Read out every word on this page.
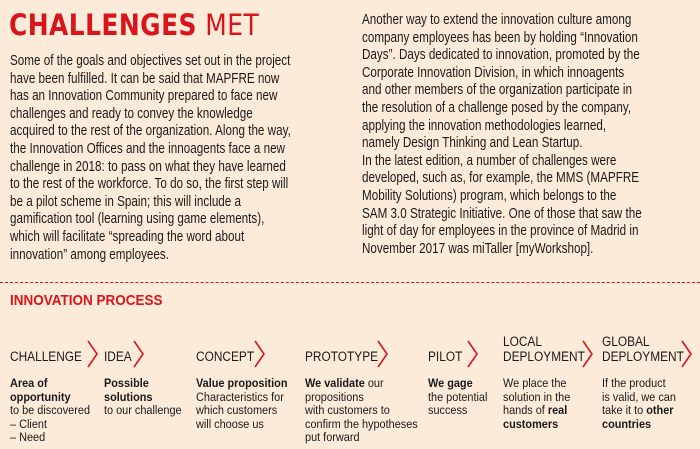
CHALLENGES MET
Some of the goals and objectives set out in the project
have been fulfilled. It can be said that MAPFRE now
has an Innovation Community prepared to face new
challenges and ready to convey the knowledge
acquired to the rest of the organization. Along the way,
the Innovation Offices and the innoagents face a new
challenge in 2018: to pass on what they have learned
to the rest of the workforce. To do so, the first step will
be a pilot scheme in Spain; this will include a
gamification tool (learning using game elements),
which will facilitate “spreading the word about
innovation” among employees.
Another way to extend the innovation culture among
company employees has been by holding “Innovation
Days”. Days dedicated to innovation, promoted by the
Corporate Innovation Division, in which innoagents
and other members of the organization participate in
the resolution of a challenge posed by the company,
applying the innovation methodologies learned,
namely Design Thinking and Lean Startup.
In the latest edition, a number of challenges were
developed, such as, for example, the MMS (MAPFRE
Mobility Solutions) program, which belongs to the
SAM 3.0 Strategic Initiative. One of those that saw the
light of day for employees in the province of Madrid in
November 2017 was miTaller [myWorkshop].
INNOVATION PROCESS
CHALLENGE
Area of
opportunity
to be discovered
– Client
– Need
IDEA
Possible
solutions
to our challenge
CONCEPT
Value proposition
Characteristics for
which customers
will choose us
PROTOTYPE
We validate our
propositions
with customers to
confirm the hypotheses
put forward
PILOT
We gage
the potential
success
LOCAL
DEPLOYMENT
We place the
solution in the
hands of real
customers
GLOBAL
DEPLOYMENT
If the product
is valid, we can
take it to other
countries
